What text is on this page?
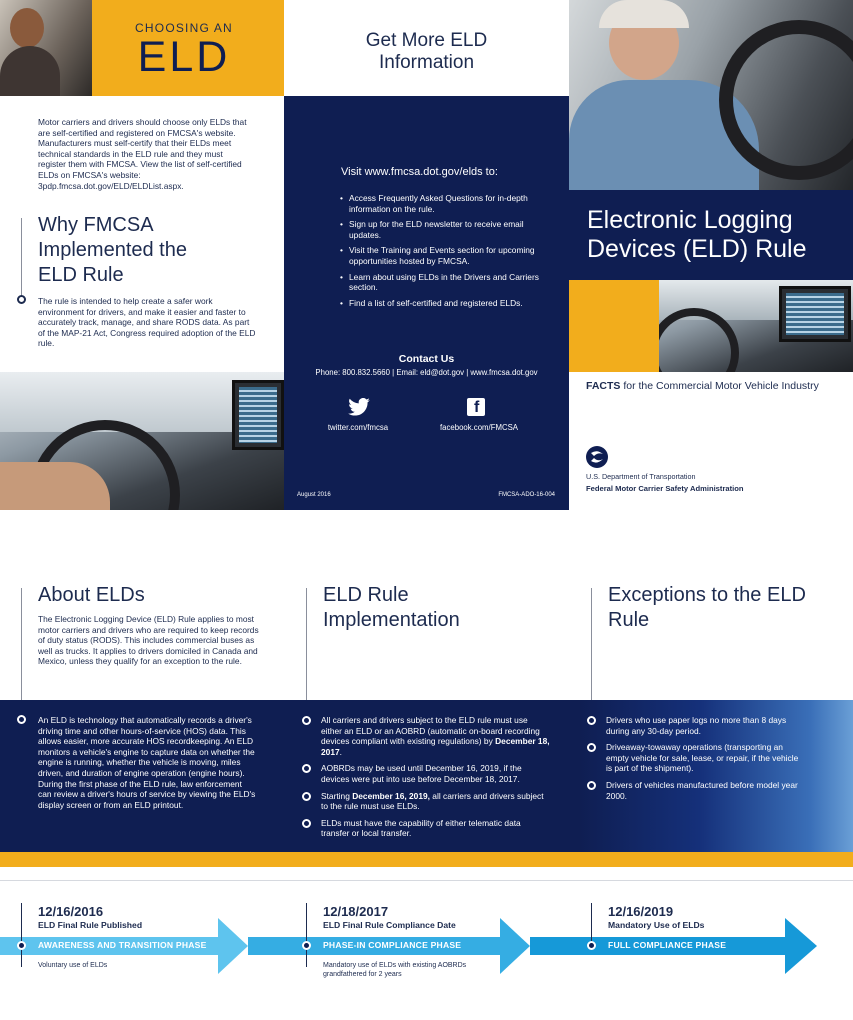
CHOOSING AN
ELD
Motor carriers and drivers should choose only ELDs that are self-certified and registered on FMCSA's website. Manufacturers must self-certify that their ELDs meet technical standards in the ELD rule and they must register them with FMCSA. View the list of self-certified ELDs on FMCSA's website: 3pdp.fmcsa.dot.gov/ELD/ELDList.aspx.
Why FMCSA Implemented the ELD Rule
The rule is intended to help create a safer work environment for drivers, and make it easier and faster to accurately track, manage, and share RODS data. As part of the MAP-21 Act, Congress required adoption of the ELD rule.
Get More ELD Information
Visit www.fmcsa.dot.gov/elds to:
• Access Frequently Asked Questions for in-depth information on the rule.
• Sign up for the ELD newsletter to receive email updates.
• Visit the Training and Events section for upcoming opportunities hosted by FMCSA.
• Learn about using ELDs in the Drivers and Carriers section.
• Find a list of self-certified and registered ELDs.
Contact Us
Phone: 800.832.5660 | Email: eld@dot.gov | www.fmcsa.dot.gov
twitter.com/fmcsa
f
facebook.com/FMCSA
August 2016	FMCSA-ADO-16-004
Electronic Logging Devices (ELD) Rule
FACTS for the Commercial Motor Vehicle Industry
U.S. Department of Transportation
Federal Motor Carrier Safety Administration
About ELDs
The Electronic Logging Device (ELD) Rule applies to most motor carriers and drivers who are required to keep records of duty status (RODS). This includes commercial buses as well as trucks. It applies to drivers domiciled in Canada and Mexico, unless they qualify for an exception to the rule.
ELD Rule Implementation
Exceptions to the ELD Rule
An ELD is technology that automatically records a driver's driving time and other hours-of-service (HOS) data. This allows easier, more accurate HOS recordkeeping. An ELD monitors a vehicle's engine to capture data on whether the engine is running, whether the vehicle is moving, miles driven, and duration of engine operation (engine hours). During the first phase of the ELD rule, law enforcement can review a driver's hours of service by viewing the ELD's display screen or from an ELD printout.
All carriers and drivers subject to the ELD rule must use either an ELD or an AOBRD (automatic on-board recording devices compliant with existing regulations) by December 18, 2017.
AOBRDs may be used until December 16, 2019, if the devices were put into use before December 18, 2017.
Starting December 16, 2019, all carriers and drivers subject to the rule must use ELDs.
ELDs must have the capability of either telematic data transfer or local transfer.
Drivers who use paper logs no more than 8 days during any 30-day period.
Driveaway-towaway operations (transporting an empty vehicle for sale, lease, or repair, if the vehicle is part of the shipment).
Drivers of vehicles manufactured before model year 2000.
12/16/2016
ELD Final Rule Published
AWARENESS AND TRANSITION PHASE
Voluntary use of ELDs
12/18/2017
ELD Final Rule Compliance Date
PHASE-IN COMPLIANCE PHASE
Mandatory use of ELDs with existing AOBRDs grandfathered for 2 years
12/16/2019
Mandatory Use of ELDs
FULL COMPLIANCE PHASE
